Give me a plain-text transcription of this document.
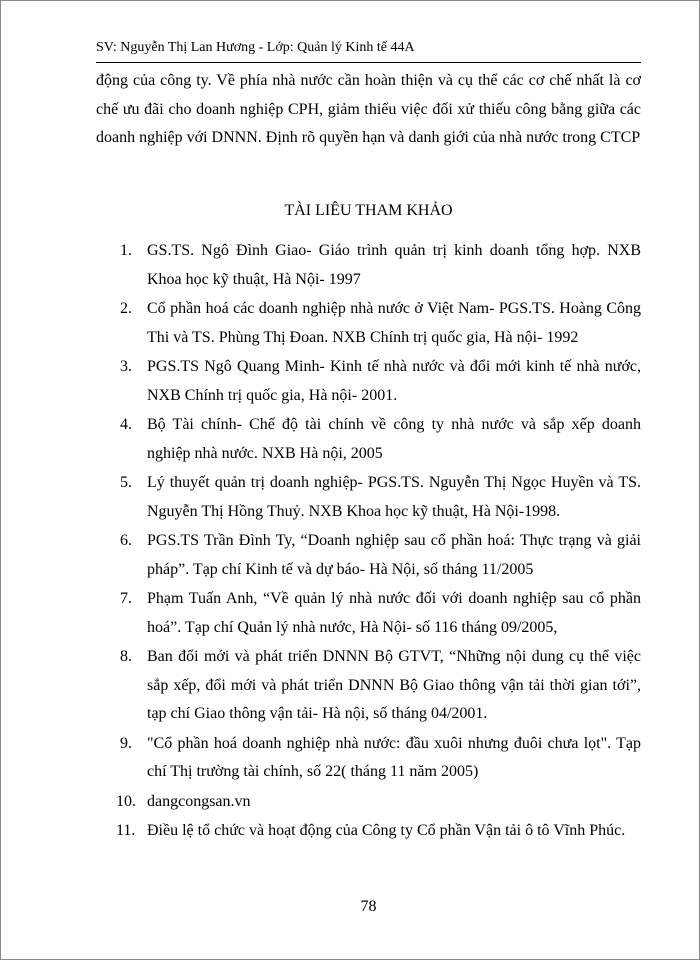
SV: Nguyễn Thị Lan Hương - Lớp: Quản lý Kinh tế 44A
động của công ty. Về phía nhà nước cần hoàn thiện và cụ thể các cơ chế nhất là cơ chế ưu đãi cho doanh nghiệp CPH, giảm thiểu việc đối xử thiếu công bằng giữa các doanh nghiệp với DNNN. Định rõ quyền hạn và danh giới của nhà nước trong CTCP
TÀI LIÊU THAM KHẢO
1. GS.TS. Ngô Đình Giao- Giáo trình quản trị kinh doanh tổng hợp. NXB Khoa học kỹ thuật, Hà Nội- 1997
2. Cổ phần hoá các doanh nghiệp nhà nước ở Việt Nam- PGS.TS. Hoàng Công Thi và TS. Phùng Thị Đoan. NXB Chính trị quốc gia, Hà nội- 1992
3. PGS.TS Ngô Quang Minh- Kinh tế nhà nước và đổi mới kinh tế nhà nước, NXB Chính trị quốc gia, Hà nội- 2001.
4. Bộ Tài chính- Chế độ tài chính về công ty nhà nước và sắp xếp doanh nghiệp nhà nước. NXB Hà nội, 2005
5. Lý thuyết quản trị doanh nghiệp- PGS.TS. Nguyễn Thị Ngọc Huyền và TS. Nguyễn Thị Hồng Thuỷ. NXB Khoa học kỹ thuật, Hà Nội-1998.
6. PGS.TS Trần Đình Ty, “Doanh nghiệp sau cổ phần hoá: Thực trạng và giải pháp”. Tạp chí Kinh tế và dự báo- Hà Nội, số tháng 11/2005
7. Phạm Tuấn Anh, “Về quản lý nhà nước đối với doanh nghiệp sau cổ phần hoá”. Tạp chí Quản lý nhà nước, Hà Nội- số 116 tháng 09/2005,
8. Ban đổi mới và phát triển DNNN Bộ GTVT, “Những nội dung cụ thể việc sắp xếp, đổi mới và phát triển DNNN Bộ Giao thông vận tải thời gian tới”, tạp chí Giao thông vận tải- Hà nội, số tháng 04/2001.
9. "Cổ phần hoá doanh nghiệp nhà nước: đầu xuôi nhưng đuôi chưa lọt". Tạp chí Thị trường tài chính, số 22( tháng 11 năm 2005)
10. dangcongsan.vn
11. Điều lệ tổ chức và hoạt động của Công ty Cổ phần Vận tải ô tô Vĩnh Phúc.
78
